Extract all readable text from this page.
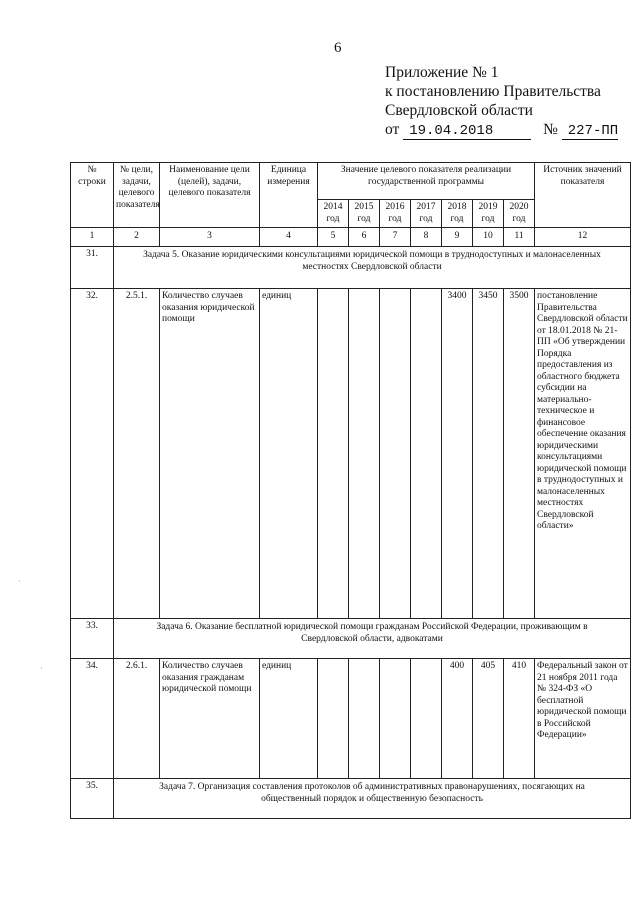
6
Приложение № 1
к постановлению Правительства
Свердловской области
от 19.04.2018	№ 227-ПП
№ строки	№ цели, задачи, целевого показателя	Наименование цели (целей), задачи, целевого показателя	Единица измерения	Значение целевого показателя реализации государственной программы							Источник значений показателя
				2014 год	2015 год	2016 год	2017 год	2018 год	2019 год	2020 год	
1	2	3	4	5	6	7	8	9	10	11	12
31.	Задача 5. Оказание юридическими консультациями юридической помощи в труднодоступных и малонаселенных местностях Свердловской области										
32.	2.5.1.	Количество случаев оказания юридической помощи	единиц					3400	3450	3500	постановление Правительства Свердловской области от 18.01.2018 № 21-ПП «Об утверждении Порядка предоставления из областного бюджета субсидии на материально-техническое и финансовое обеспечение оказания юридическими консультациями юридической помощи в труднодоступных и малонаселенных местностях Свердловской области»
33.	Задача 6. Оказание бесплатной юридической помощи гражданам Российской Федерации, проживающим в Свердловской области, адвокатами										
34.	2.6.1.	Количество случаев оказания гражданам юридической помощи	единиц					400	405	410	Федеральный закон от 21 ноября 2011 года № 324-ФЗ «О бесплатной юридической помощи в Российской Федерации»
35.	Задача 7. Организация составления протоколов об административных правонарушениях, посягающих на общественный порядок и общественную безопасность										
·
·
